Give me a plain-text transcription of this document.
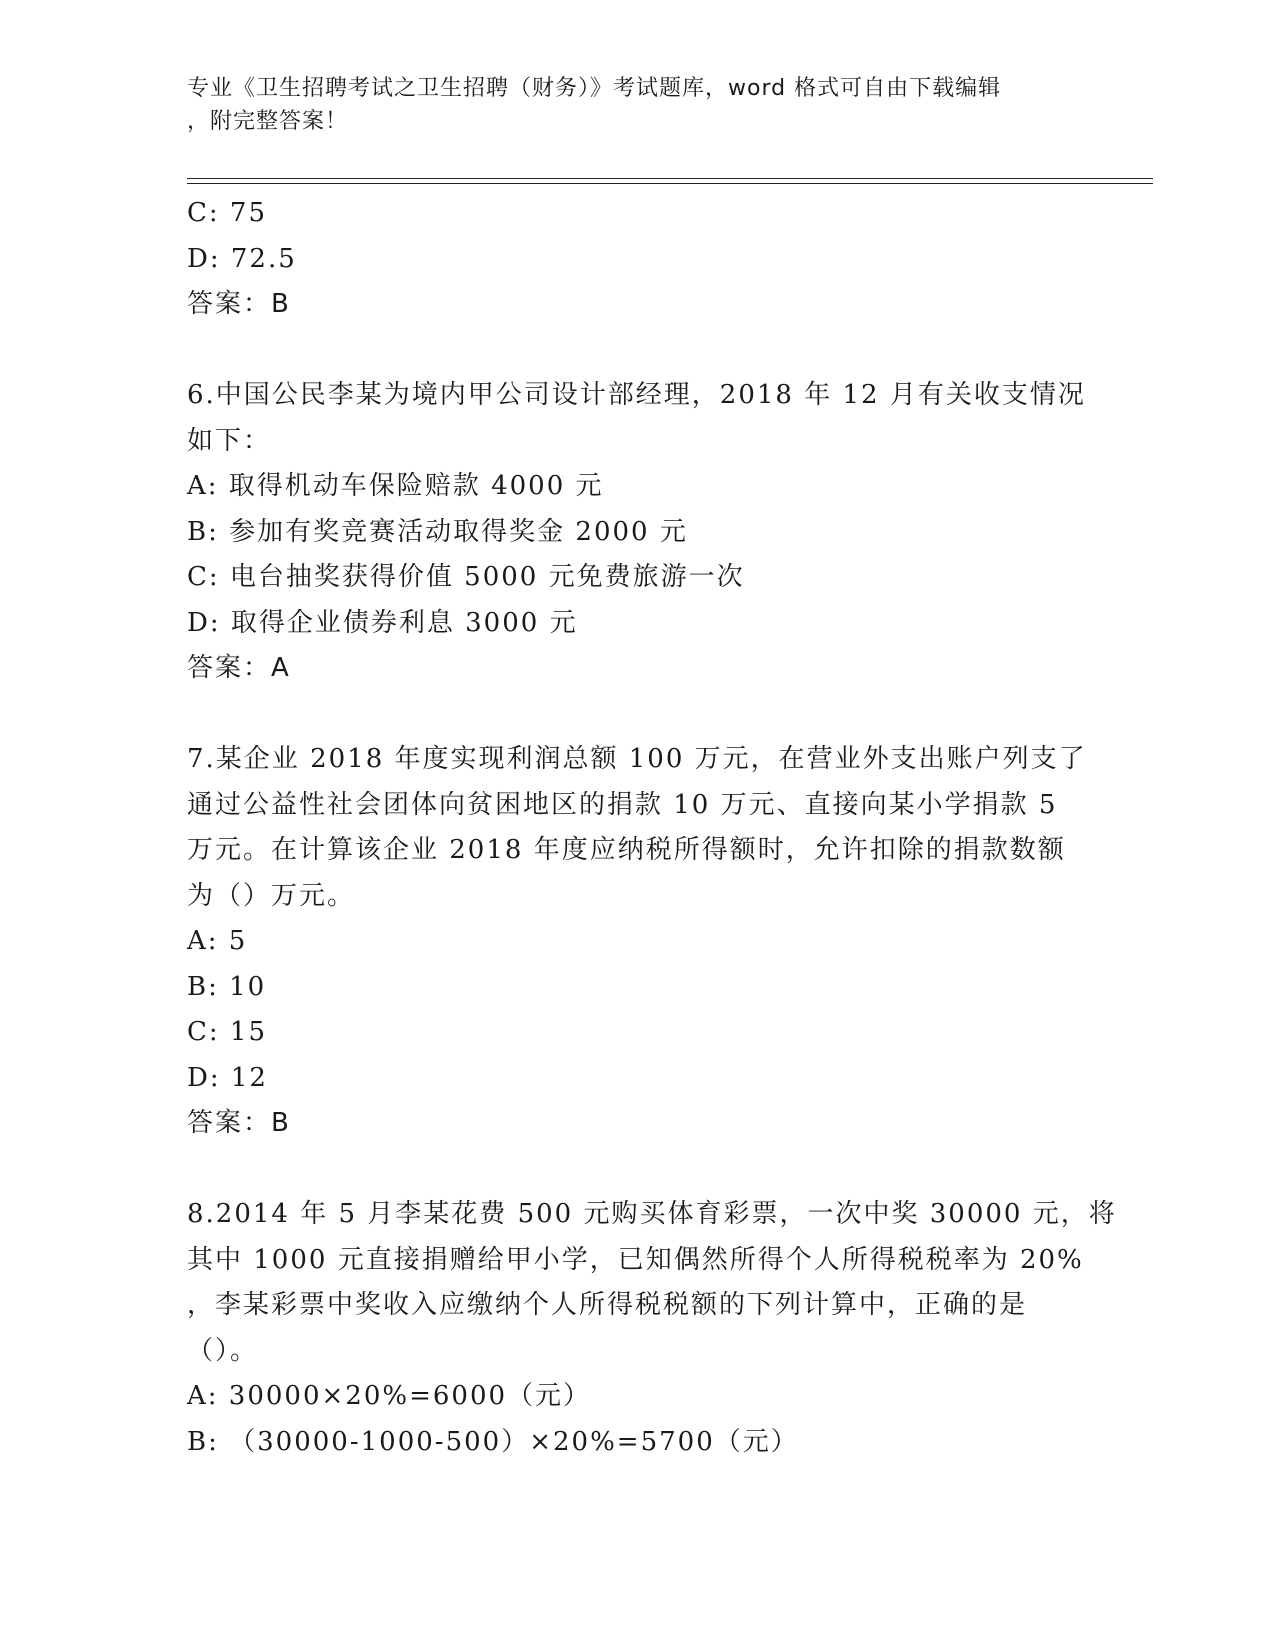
专业《卫生招聘考试之卫生招聘（财务）》考试题库，word 格式可自由下载编辑
，附完整答案！
C: 75
D: 72.5
答案：B
6.中国公民李某为境内甲公司设计部经理，2018 年 12 月有关收支情况
如下：
A: 取得机动车保险赔款 4000 元
B: 参加有奖竞赛活动取得奖金 2000 元
C: 电台抽奖获得价值 5000 元免费旅游一次
D: 取得企业债券利息 3000 元
答案：A
7.某企业 2018 年度实现利润总额 100 万元，在营业外支出账户列支了
通过公益性社会团体向贫困地区的捐款 10 万元、直接向某小学捐款 5
万元。在计算该企业 2018 年度应纳税所得额时，允许扣除的捐款数额
为（）万元。
A: 5
B: 10
C: 15
D: 12
答案：B
8.2014 年 5 月李某花费 500 元购买体育彩票，一次中奖 30000 元，将
其中 1000 元直接捐赠给甲小学，已知偶然所得个人所得税税率为 20%
，李某彩票中奖收入应缴纳个人所得税税额的下列计算中，正确的是
（）。
A: 30000×20%=6000（元）
B: （30000-1000-500）×20%=5700（元）
